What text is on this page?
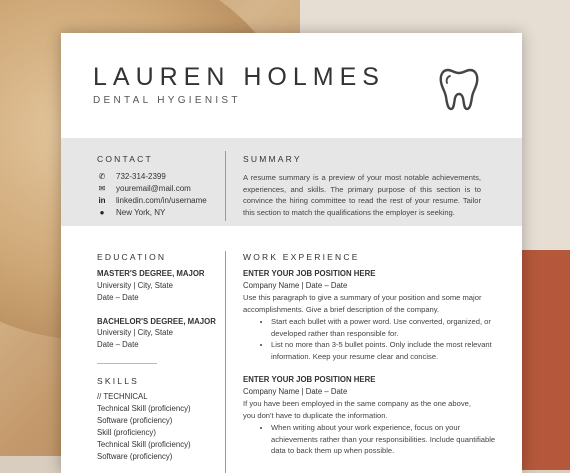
LAUREN HOLMES
DENTAL HYGIENIST
CONTACT
✆ 732-314-2399
✉ youremail@mail.com
in linkedin.com/in/username
●	New York, NY
SUMMARY

A resume summary is a preview of your most notable achievements, experiences, and skills. The primary purpose of this section is to convince the hiring committee to read the rest of your resume. Tailor this section to match the qualifications the employer is seeking.

EDUCATION
MASTER'S DEGREE, MAJOR
University | City, State
Date – Date
BACHELOR'S DEGREE, MAJOR
University | City, State
Date – Date
SKILLS
// TECHNICAL
Technical Skill (proficiency)
Software (proficiency)
Skill (proficiency)
Technical Skill (proficiency)
Software (proficiency)
WORK EXPERIENCE
ENTER YOUR JOB POSITION HERE
Company Name | Date – Date

Use this paragraph to give a summary of your position and some major accomplishments. Give a brief description of the company.

• Start each bullet with a power word. Use converted, organized, or developed rather than responsible for.
• List no more than 3-5 bullet points. Only include the most relevant information. Keep your resume clear and concise.
ENTER YOUR JOB POSITION HERE
Company Name | Date – Date

If you have been employed in the same company as the one above, you don't have to duplicate the information.

• When writing about your work experience, focus on your achievements rather than your responsibilities. Include quantifiable data to back them up when possible.
